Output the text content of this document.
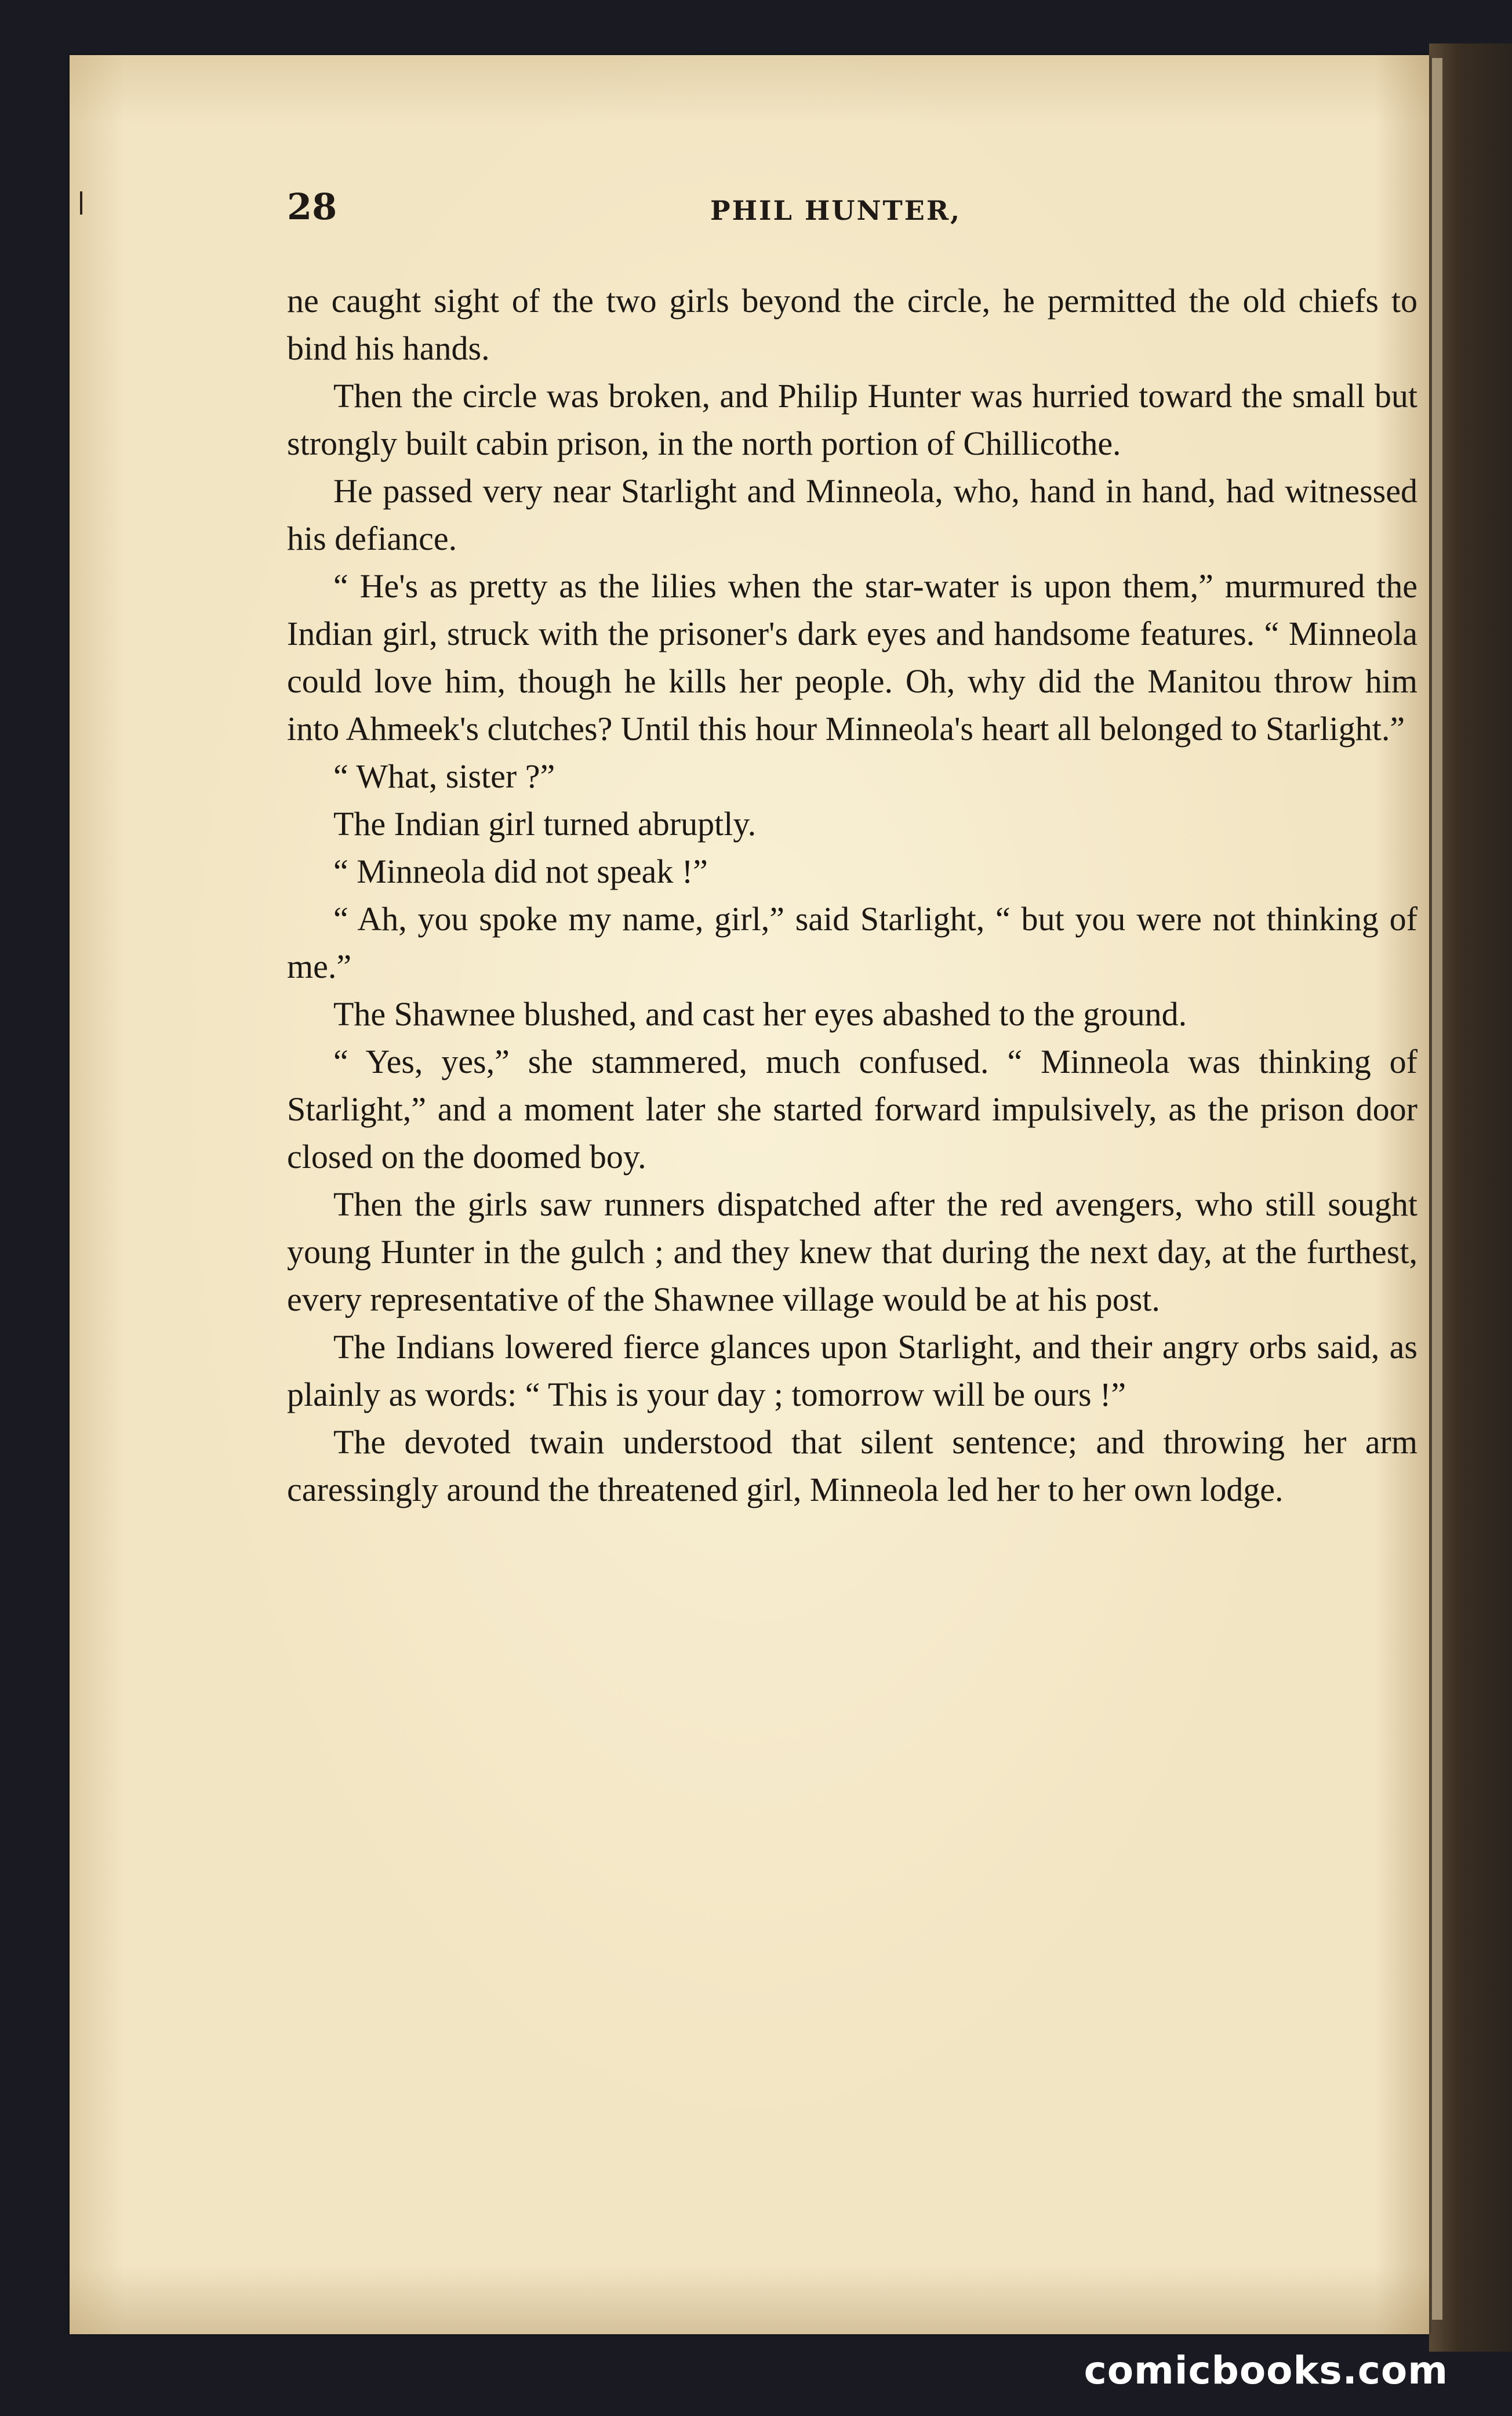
28	PHIL HUNTER,

ne caught sight of the two girls beyond the circle, he permitted the old chiefs to bind his hands.

Then the circle was broken, and Philip Hunter was hurried toward the small but strongly built cabin prison, in the north portion of Chillicothe.

He passed very near Starlight and Minneola, who, hand in hand, had witnessed his defiance.

“ He's as pretty as the lilies when the star-water is upon them,” murmured the Indian girl, struck with the prisoner's dark eyes and handsome features. “ Minneola could love him, though he kills her people. Oh, why did the Manitou throw him into Ahmeek's clutches? Until this hour Minneola's heart all belonged to Starlight.”

“ What, sister ?”

The Indian girl turned abruptly.

“ Minneola did not speak !”

“ Ah, you spoke my name, girl,” said Starlight, “ but you were not thinking of me.”

The Shawnee blushed, and cast her eyes abashed to the ground.

“ Yes, yes,” she stammered, much confused. “ Minneola was thinking of Starlight,” and a moment later she started forward impulsively, as the prison door closed on the doomed boy.

Then the girls saw runners dispatched after the red avengers, who still sought young Hunter in the gulch ; and they knew that during the next day, at the furthest, every representative of the Shawnee village would be at his post.

The Indians lowered fierce glances upon Starlight, and their angry orbs said, as plainly as words: “ This is your day ; tomorrow will be ours !”

The devoted twain understood that silent sentence; and throwing her arm caressingly around the threatened girl, Minneola led her to her own lodge.

comicbooks.com
